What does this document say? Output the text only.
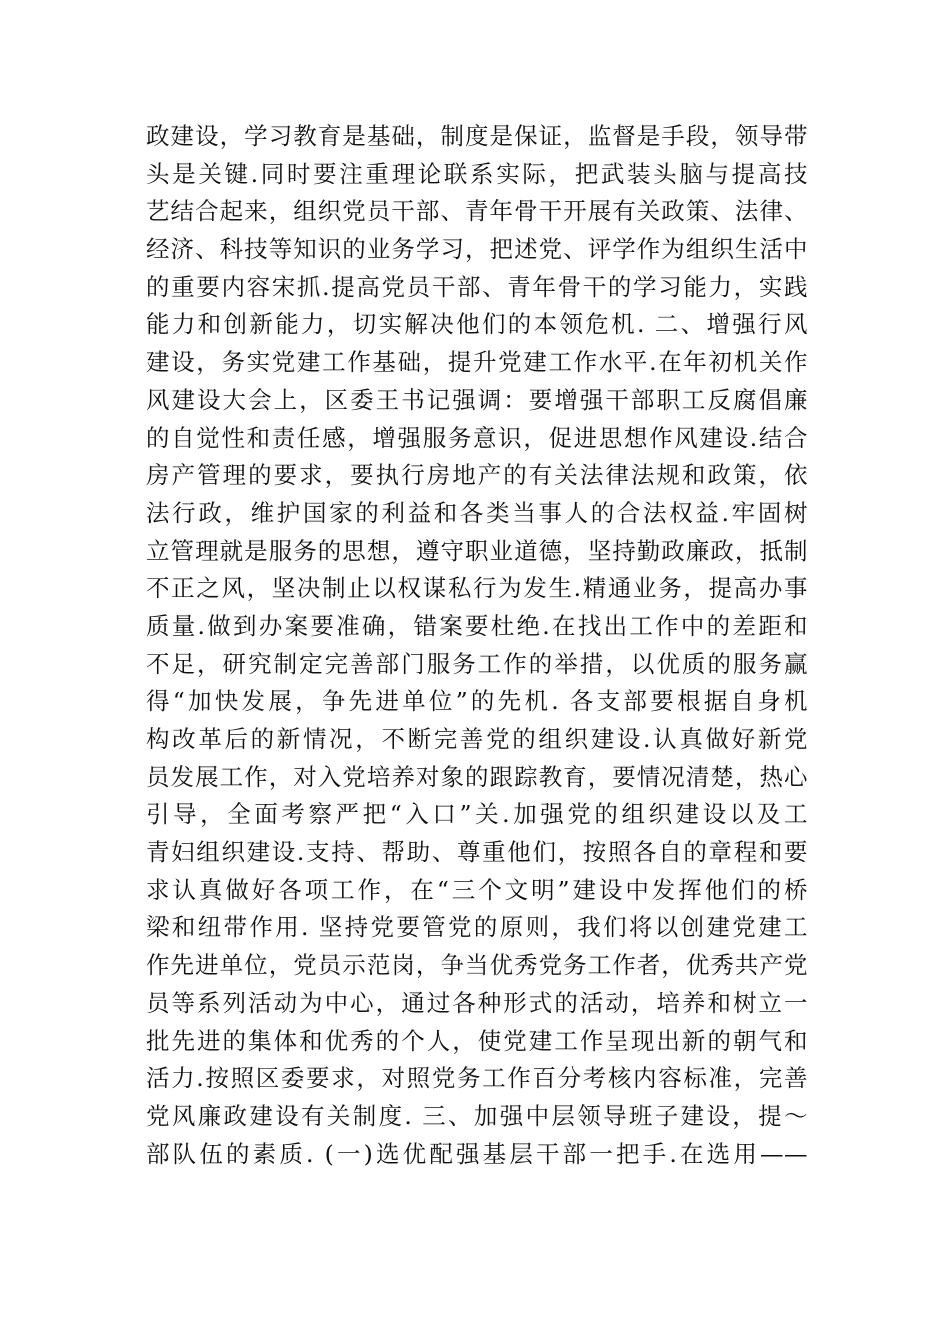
政建设，学习教育是基础，制度是保证，监督是手段，领导带
头是关键.同时要注重理论联系实际，把武装头脑与提高技
艺结合起来，组织党员干部、青年骨干开展有关政策、法律、
经济、科技等知识的业务学习，把述党、评学作为组织生活中
的重要内容宋抓.提高党员干部、青年骨干的学习能力，实践
能力和创新能力，切实解决他们的本领危机. 二、增强行风
建设，务实党建工作基础，提升党建工作水平.在年初机关作
风建设大会上，区委王书记强调：要增强干部职工反腐倡廉
的自觉性和责任感，增强服务意识，促进思想作风建设.结合
房产管理的要求，要执行房地产的有关法律法规和政策，依
法行政，维护国家的利益和各类当事人的合法权益.牢固树
立管理就是服务的思想，遵守职业道德，坚持勤政廉政，抵制
不正之风，坚决制止以权谋私行为发生.精通业务，提高办事
质量.做到办案要准确，错案要杜绝.在找出工作中的差距和
不足，研究制定完善部门服务工作的举措，以优质的服务赢
得“加快发展，争先进单位”的先机. 各支部要根据自身机
构改革后的新情况，不断完善党的组织建设.认真做好新党
员发展工作，对入党培养对象的跟踪教育，要情况清楚，热心
引导，全面考察严把“入口”关.加强党的组织建设以及工
青妇组织建设.支持、帮助、尊重他们，按照各自的章程和要
求认真做好各项工作，在“三个文明”建设中发挥他们的桥
梁和纽带作用. 坚持党要管党的原则，我们将以创建党建工
作先进单位，党员示范岗，争当优秀党务工作者，优秀共产党
员等系列活动为中心，通过各种形式的活动，培养和树立一
批先进的集体和优秀的个人，使党建工作呈现出新的朝气和
活力.按照区委要求，对照党务工作百分考核内容标准，完善
党风廉政建设有关制度. 三、加强中层领导班子建设，提～
部队伍的素质. (一)选优配强基层干部一把手.在选用——
